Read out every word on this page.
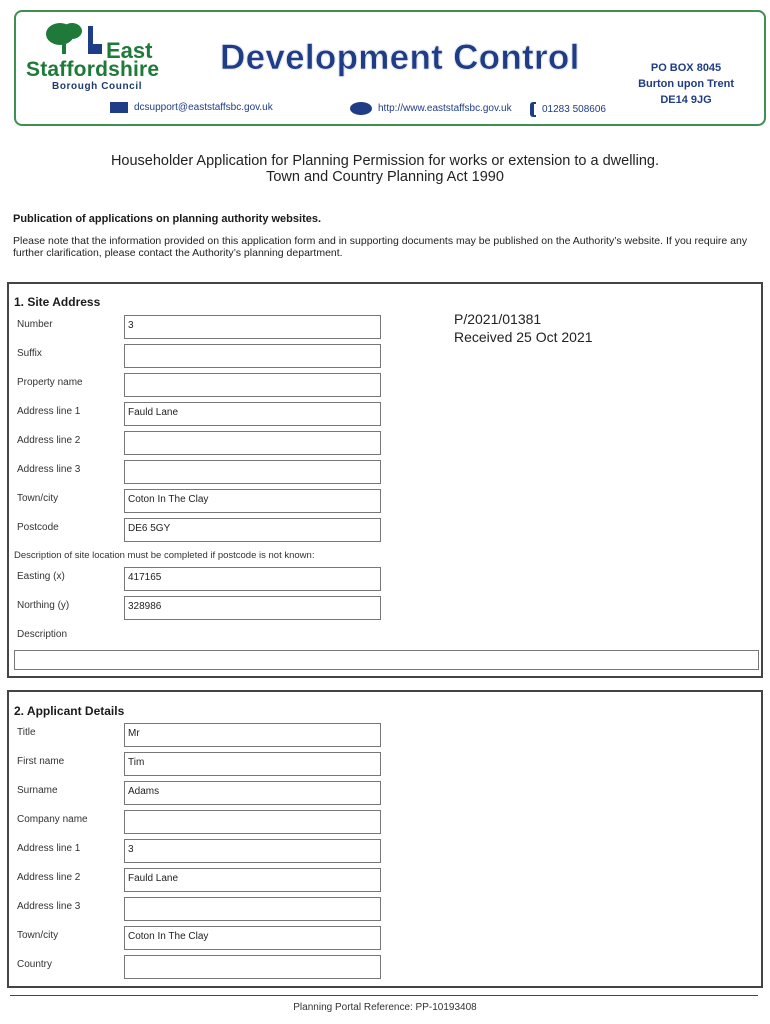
East
Staffordshire
Borough Council
Development Control	PO BOX 8045
Burton upon Trent
DE14 9JG
dcsupport@eaststaffsbc.gov.uk	http://www.eaststaffsbc.gov.uk	01283 508606
Householder Application for Planning Permission for works or extension to a dwelling.
Town and Country Planning Act 1990
Publication of applications on planning authority websites.
Please note that the information provided on this application form and in supporting documents may be published on the Authority’s website. If you require any further clarification, please contact the Authority’s planning department.
1. Site Address
Number	3
Suffix
Property name
Address line 1	Fauld Lane
Address line 2
Address line 3
Town/city	Coton In The Clay
Postcode	DE6 5GY
Description of site location must be completed if postcode is not known:
Easting (x)	417165
Northing (y)	328986
Description
P/2021/01381
Received 25 Oct 2021
2. Applicant Details
Title	Mr
First name	Tim
Surname	Adams
Company name
Address line 1	3
Address line 2	Fauld Lane
Address line 3
Town/city	Coton In The Clay
Country
Planning Portal Reference: PP-10193408
